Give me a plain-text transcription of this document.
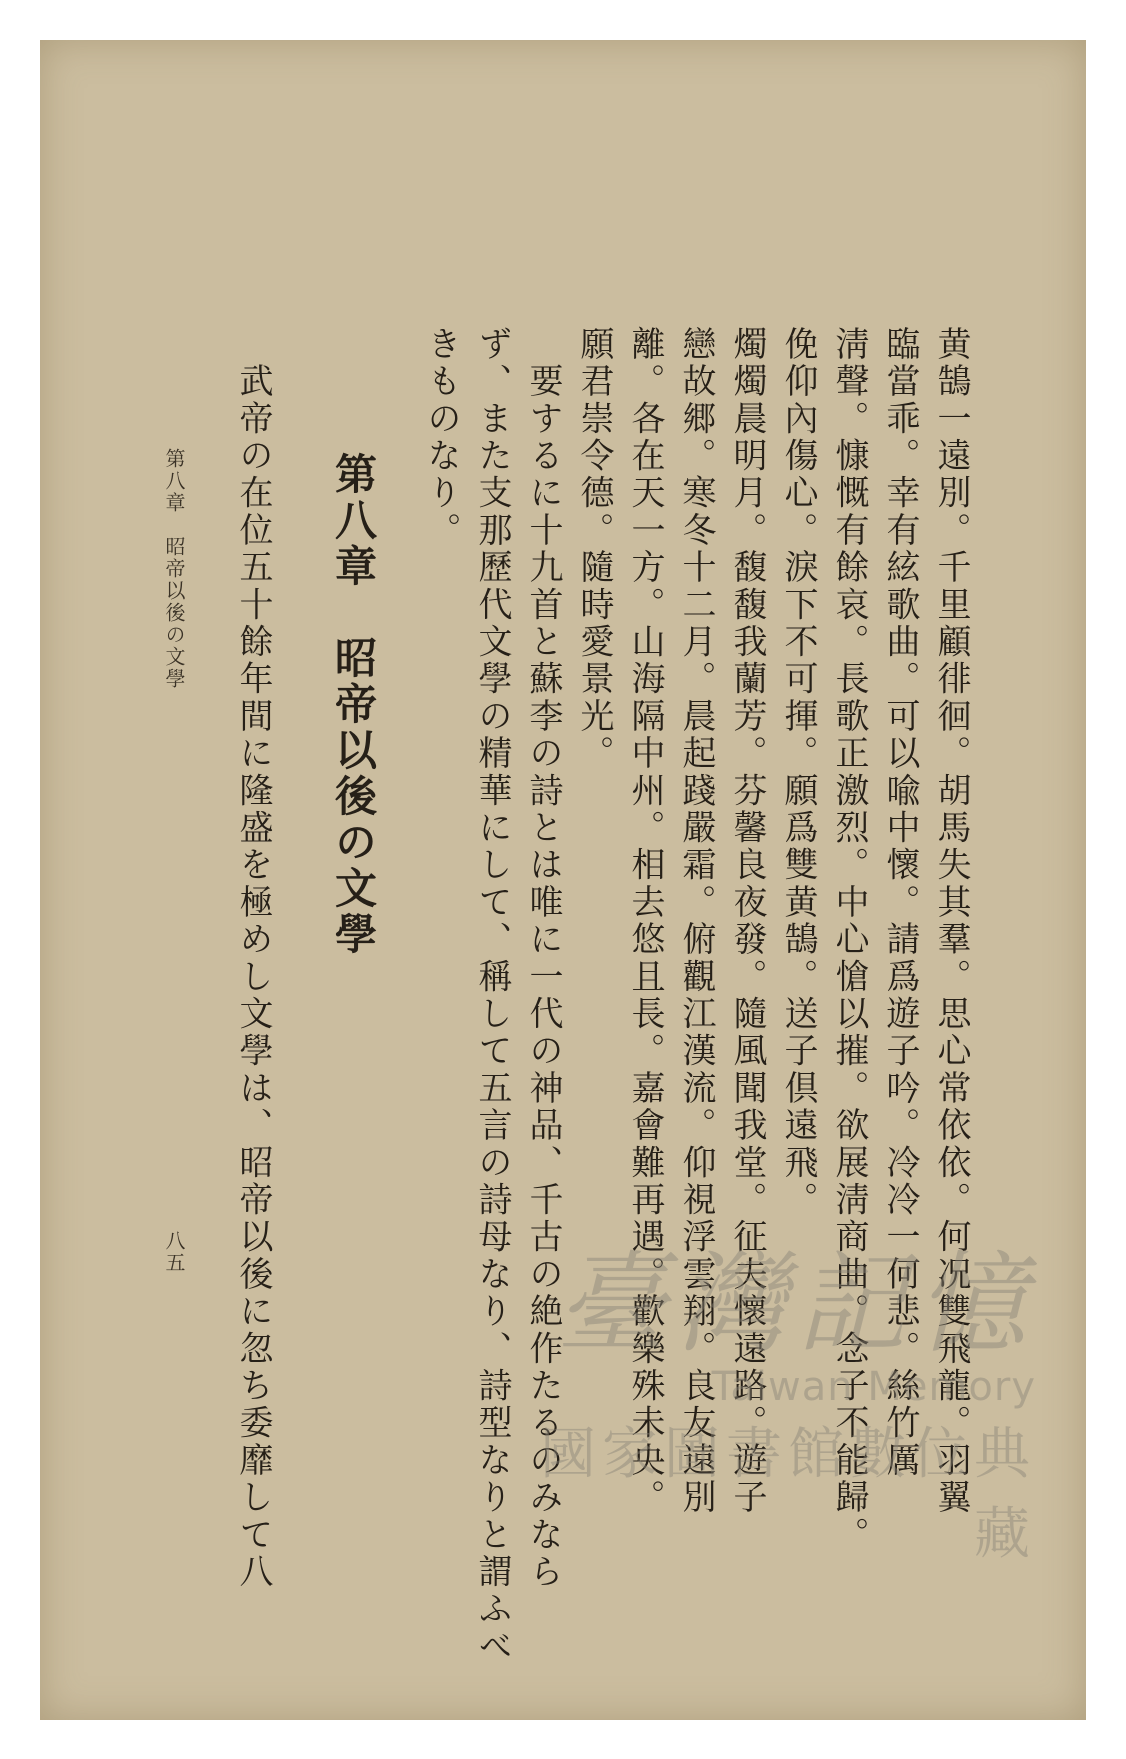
黄鵠一遠別。千里顧徘徊。胡馬失其羣。思心常依依。何况雙飛龍。羽翼
臨當乖。幸有絃歌曲。可以喩中懷。請爲遊子吟。冷冷一何悲。絲竹厲
淸聲。慷慨有餘哀。長歌正激烈。中心愴以摧。欲展淸商曲。念子不能歸。
俛仰內傷心。淚下不可揮。願爲雙黄鵠。送子倶遠飛。
燭燭晨明月。馥馥我蘭芳。芬馨良夜發。隨風聞我堂。征夫懷遠路。遊子
戀故郷。寒冬十二月。晨起踐嚴霜。俯觀江漢流。仰視浮雲翔。良友遠別
離。各在天一方。山海隔中州。相去悠且長。嘉會難再遇。歡樂殊未央。
願君崇令德。隨時愛景光。
　要するに十九首と蘇李の詩とは唯に一代の神品、千古の絶作たるのみなら
ず、また支那歷代文學の精華にして、稱して五言の詩母なり、詩型なりと謂ふべ
きものなり。
第八章　昭帝以後の文學
　武帝の在位五十餘年間に隆盛を極めし文學は、昭帝以後に忽ち委靡して八
第八章　昭帝以後の文學
八五	臺灣記憶
Taiwan Memory
國家圖書館數位典藏
